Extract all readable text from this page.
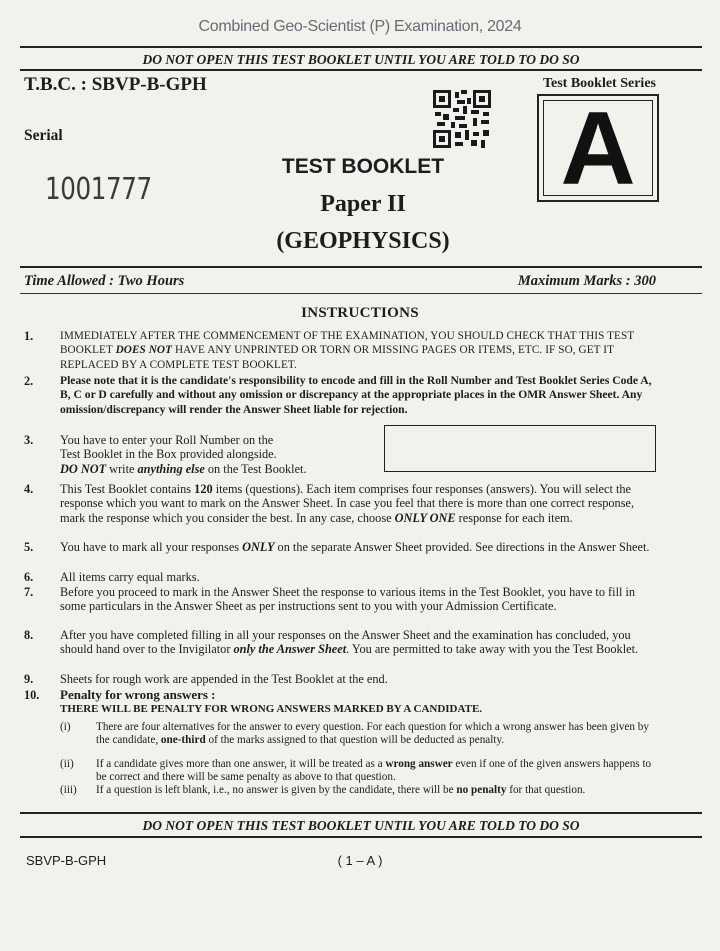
Combined Geo-Scientist (P) Examination, 2024
DO NOT OPEN THIS TEST BOOKLET UNTIL YOU ARE TOLD TO DO SO
T.B.C. : SBVP-B-GPH	Test Booklet Series
Serial
1001777	A
TEST BOOKLET
Paper II
(GEOPHYSICS)
Time Allowed : Two Hours	Maximum Marks : 300
INSTRUCTIONS
1. IMMEDIATELY AFTER THE COMMENCEMENT OF THE EXAMINATION, YOU SHOULD CHECK THAT THIS TEST BOOKLET DOES NOT HAVE ANY UNPRINTED OR TORN OR MISSING PAGES OR ITEMS, ETC. IF SO, GET IT REPLACED BY A COMPLETE TEST BOOKLET.
2. Please note that it is the candidate's responsibility to encode and fill in the Roll Number and Test Booklet Series Code A, B, C or D carefully and without any omission or discrepancy at the appropriate places in the OMR Answer Sheet. Any omission/discrepancy will render the Answer Sheet liable for rejection.
3. You have to enter your Roll Number on the
Test Booklet in the Box provided alongside.
DO NOT write anything else on the Test Booklet.
4. This Test Booklet contains 120 items (questions). Each item comprises four responses (answers). You will select the response which you want to mark on the Answer Sheet. In case you feel that there is more than one correct response, mark the response which you consider the best. In any case, choose ONLY ONE response for each item.
5. You have to mark all your responses ONLY on the separate Answer Sheet provided. See directions in the Answer Sheet.
6. All items carry equal marks.
7. Before you proceed to mark in the Answer Sheet the response to various items in the Test Booklet, you have to fill in some particulars in the Answer Sheet as per instructions sent to you with your Admission Certificate.
8. After you have completed filling in all your responses on the Answer Sheet and the examination has concluded, you should hand over to the Invigilator only the Answer Sheet. You are permitted to take away with you the Test Booklet.
9. Sheets for rough work are appended in the Test Booklet at the end.
10. Penalty for wrong answers :
THERE WILL BE PENALTY FOR WRONG ANSWERS MARKED BY A CANDIDATE.
(i) There are four alternatives for the answer to every question. For each question for which a wrong answer has been given by the candidate, one-third of the marks assigned to that question will be deducted as penalty.
(ii) If a candidate gives more than one answer, it will be treated as a wrong answer even if one of the given answers happens to be correct and there will be same penalty as above to that question.
(iii) If a question is left blank, i.e., no answer is given by the candidate, there will be no penalty for that question.
DO NOT OPEN THIS TEST BOOKLET UNTIL YOU ARE TOLD TO DO SO
SBVP-B-GPH	( 1 – A )
